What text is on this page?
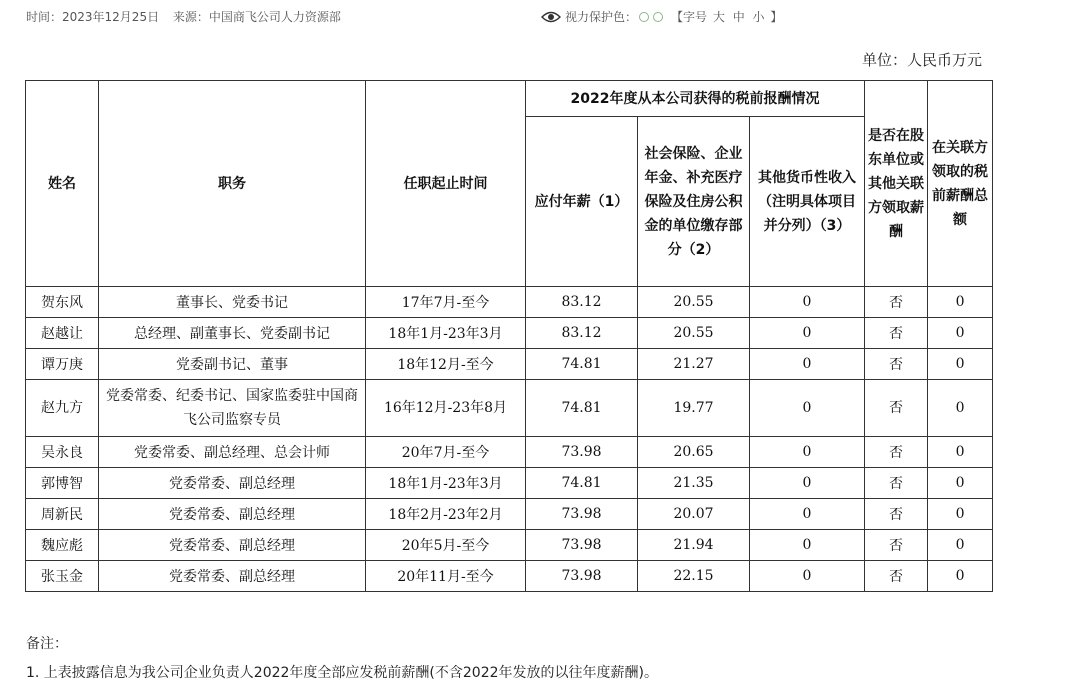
时间：2023年12月25日 来源：中国商飞公司人力资源部	视力保护色：	【字号 大 中 小 】
单位：人民币万元
姓名	职务	任职起止时间	2022年度从本公司获得的税前报酬情况			是否在股东单位或其他关联方领取薪酬	在关联方领取的税前薪酬总额
			应付年薪（1）	社会保险、企业年金、补充医疗保险及住房公积金的单位缴存部分（2）	其他货币性收入（注明具体项目并分列）（3）		
贺东风	董事长、党委书记	17年7月-至今	83.12	20.55	0	否	0
赵越让	总经理、副董事长、党委副书记	18年1月-23年3月	83.12	20.55	0	否	0
谭万庚	党委副书记、董事	18年12月-至今	74.81	21.27	0	否	0
赵九方	党委常委、纪委书记、国家监委驻中国商飞公司监察专员	16年12月-23年8月	74.81	19.77	0	否	0
吴永良	党委常委、副总经理、总会计师	20年7月-至今	73.98	20.65	0	否	0
郭博智	党委常委、副总经理	18年1月-23年3月	74.81	21.35	0	否	0
周新民	党委常委、副总经理	18年2月-23年2月	73.98	20.07	0	否	0
魏应彪	党委常委、副总经理	20年5月-至今	73.98	21.94	0	否	0
张玉金	党委常委、副总经理	20年11月-至今	73.98	22.15	0	否	0
备注：
1. 上表披露信息为我公司企业负责人2022年度全部应发税前薪酬(不含2022年发放的以往年度薪酬)。
